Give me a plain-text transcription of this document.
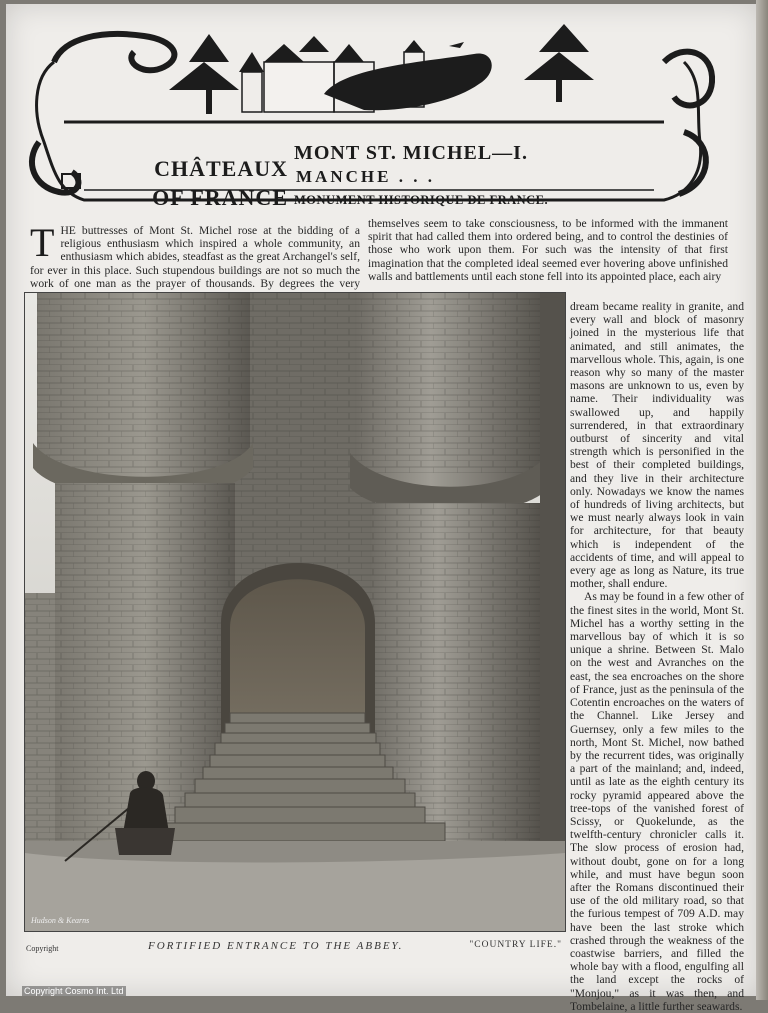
CHÂTEAUX
OF FRANCE
MONT ST. MICHEL—I.
MANCHE . . .
MONUMENT HISTORIQUE DE FRANCE.
T HE buttresses of Mont St. Michel rose at the bidding of a religious enthusiasm which inspired a whole community, an enthusiasm which abides, steadfast as the great Archangel's self, for ever in this place. Such stupendous buildings are not so much the work of one man as the prayer of thousands. By degrees the very
themselves seem to take consciousness, to be informed with the immanent spirit that had called them into ordered being, and to control the destinies of those who work upon them. For such was the intensity of that first imagination that the completed ideal seemed ever hovering above unfinished walls and battlements until each stone fell into its appointed place, each airy
Hudson & Kearns
Copyright	FORTIFIED ENTRANCE TO THE ABBEY.	"COUNTRY LIFE."

dream became reality in granite, and every wall and block of masonry joined in the mysterious life that animated, and still animates, the marvellous whole. This, again, is one reason why so many of the master masons are unknown to us, even by name. Their individuality was swallowed up, and happily surrendered, in that extraordinary outburst of sincerity and vital strength which is personified in the best of their completed buildings, and they live in their architecture only. Nowadays we know the names of hundreds of living architects, but we must nearly always look in vain for architecture, for that beauty which is independent of the accidents of time, and will appeal to every age as long as Nature, its true mother, shall endure.

As may be found in a few other of the finest sites in the world, Mont St. Michel has a worthy setting in the marvellous bay of which it is so unique a shrine. Between St. Malo on the west and Avranches on the east, the sea encroaches on the shore of France, just as the peninsula of the Cotentin encroaches on the waters of the Channel. Like Jersey and Guernsey, only a few miles to the north, Mont St. Michel, now bathed by the recurrent tides, was originally a part of the mainland; and, indeed, until as late as the eighth century its rocky pyramid appeared above the tree-tops of the vanished forest of Scissy, or Quokelunde, as the twelfth-century chronicler calls it. The slow process of erosion had, without doubt, gone on for a long while, and must have begun soon after the Romans discontinued their use of the old military road, so that the furious tempest of 709 A.D. may have been the last stroke which crashed through the weakness of the coastwise barriers, and filled the whole bay with a flood, engulfing all the land except the rocks of "Monjou," as it was then, and Tombelaine, a little further seawards.

Copyright Cosmo Int. Ltd
